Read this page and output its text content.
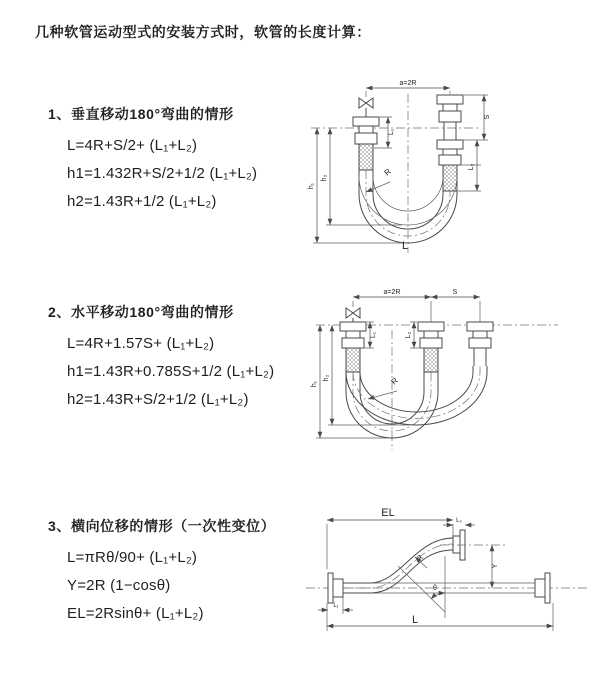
几种软管运动型式的安装方式时，软管的长度计算：
1、垂直移动180°弯曲的情形
L=4R+S/2+ (L₁+L₂)
h1=1.432R+S/2+1/2 (L₁+L₂)
h2=1.43R+1/2 (L₁+L₂)
2、水平移动180°弯曲的情形
L=4R+1.57S+ (L₁+L₂)
h1=1.43R+0.785S+1/2 (L₁+L₂)
h2=1.43R+S/2+1/2 (L₁+L₂)
3、横向位移的情形（一次性变位）
L=πRθ/90+ (L₁+L₂)
Y=2R (1−cosθ)
EL=2Rsinθ+ (L₁+L₂)
a=2R
h₁
h₂
L₁
S
L₂
R
L
a=2R	S
h₁
h₂
L₁	L₂
R
EL
L₂
Y
R
θ
L
L₁
